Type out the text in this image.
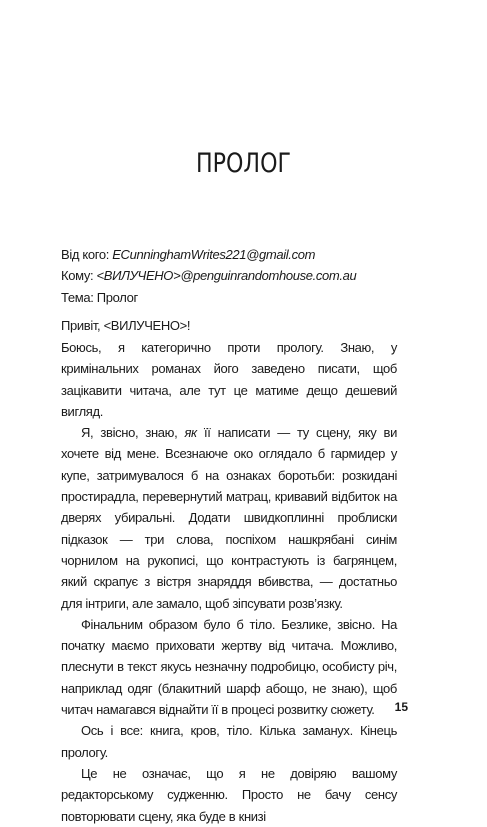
ПРОЛОГ
Від кого: ECunninghamWrites221@gmail.com
Кому: <ВИЛУЧЕНО>@penguinrandomhouse.com.au
Тема: Пролог
Привіт, <ВИЛУЧЕНО>!

Боюсь, я категорично проти прологу. Знаю, у кримінальних романах його заведено писати, щоб зацікавити читача, але тут це матиме дещо дешевий вигляд.

Я, звісно, знаю, як її написати — ту сцену, яку ви хочете від мене. Всезнаюче око оглядало б гармидер у купе, затримувалося б на ознаках боротьби: розкидані простирадла, перевернутий матрац, кривавий відбиток на дверях убиральні. Додати швидкоплинні проблиски підказок — три слова, поспіхом нашкрябані синім чорнилом на рукописі, що контрастують із багрянцем, який скрапує з вістря знаряддя вбивства, — достатньо для інтриги, але замало, щоб зіпсувати розв’язку.

Фінальним образом було б тіло. Безлике, звісно. На початку маємо приховати жертву від читача. Можливо, плеснути в текст якусь незначну подробицю, особисту річ, наприклад одяг (блакитний шарф абощо, не знаю), щоб читач намагався віднайти її в процесі розвитку сюжету.

Ось і все: книга, кров, тіло. Кілька заманух. Кінець прологу.

Це не означає, що я не довіряю вашому редакторському судженню. Просто не бачу сенсу повторювати сцену, яка буде в книзі

15
